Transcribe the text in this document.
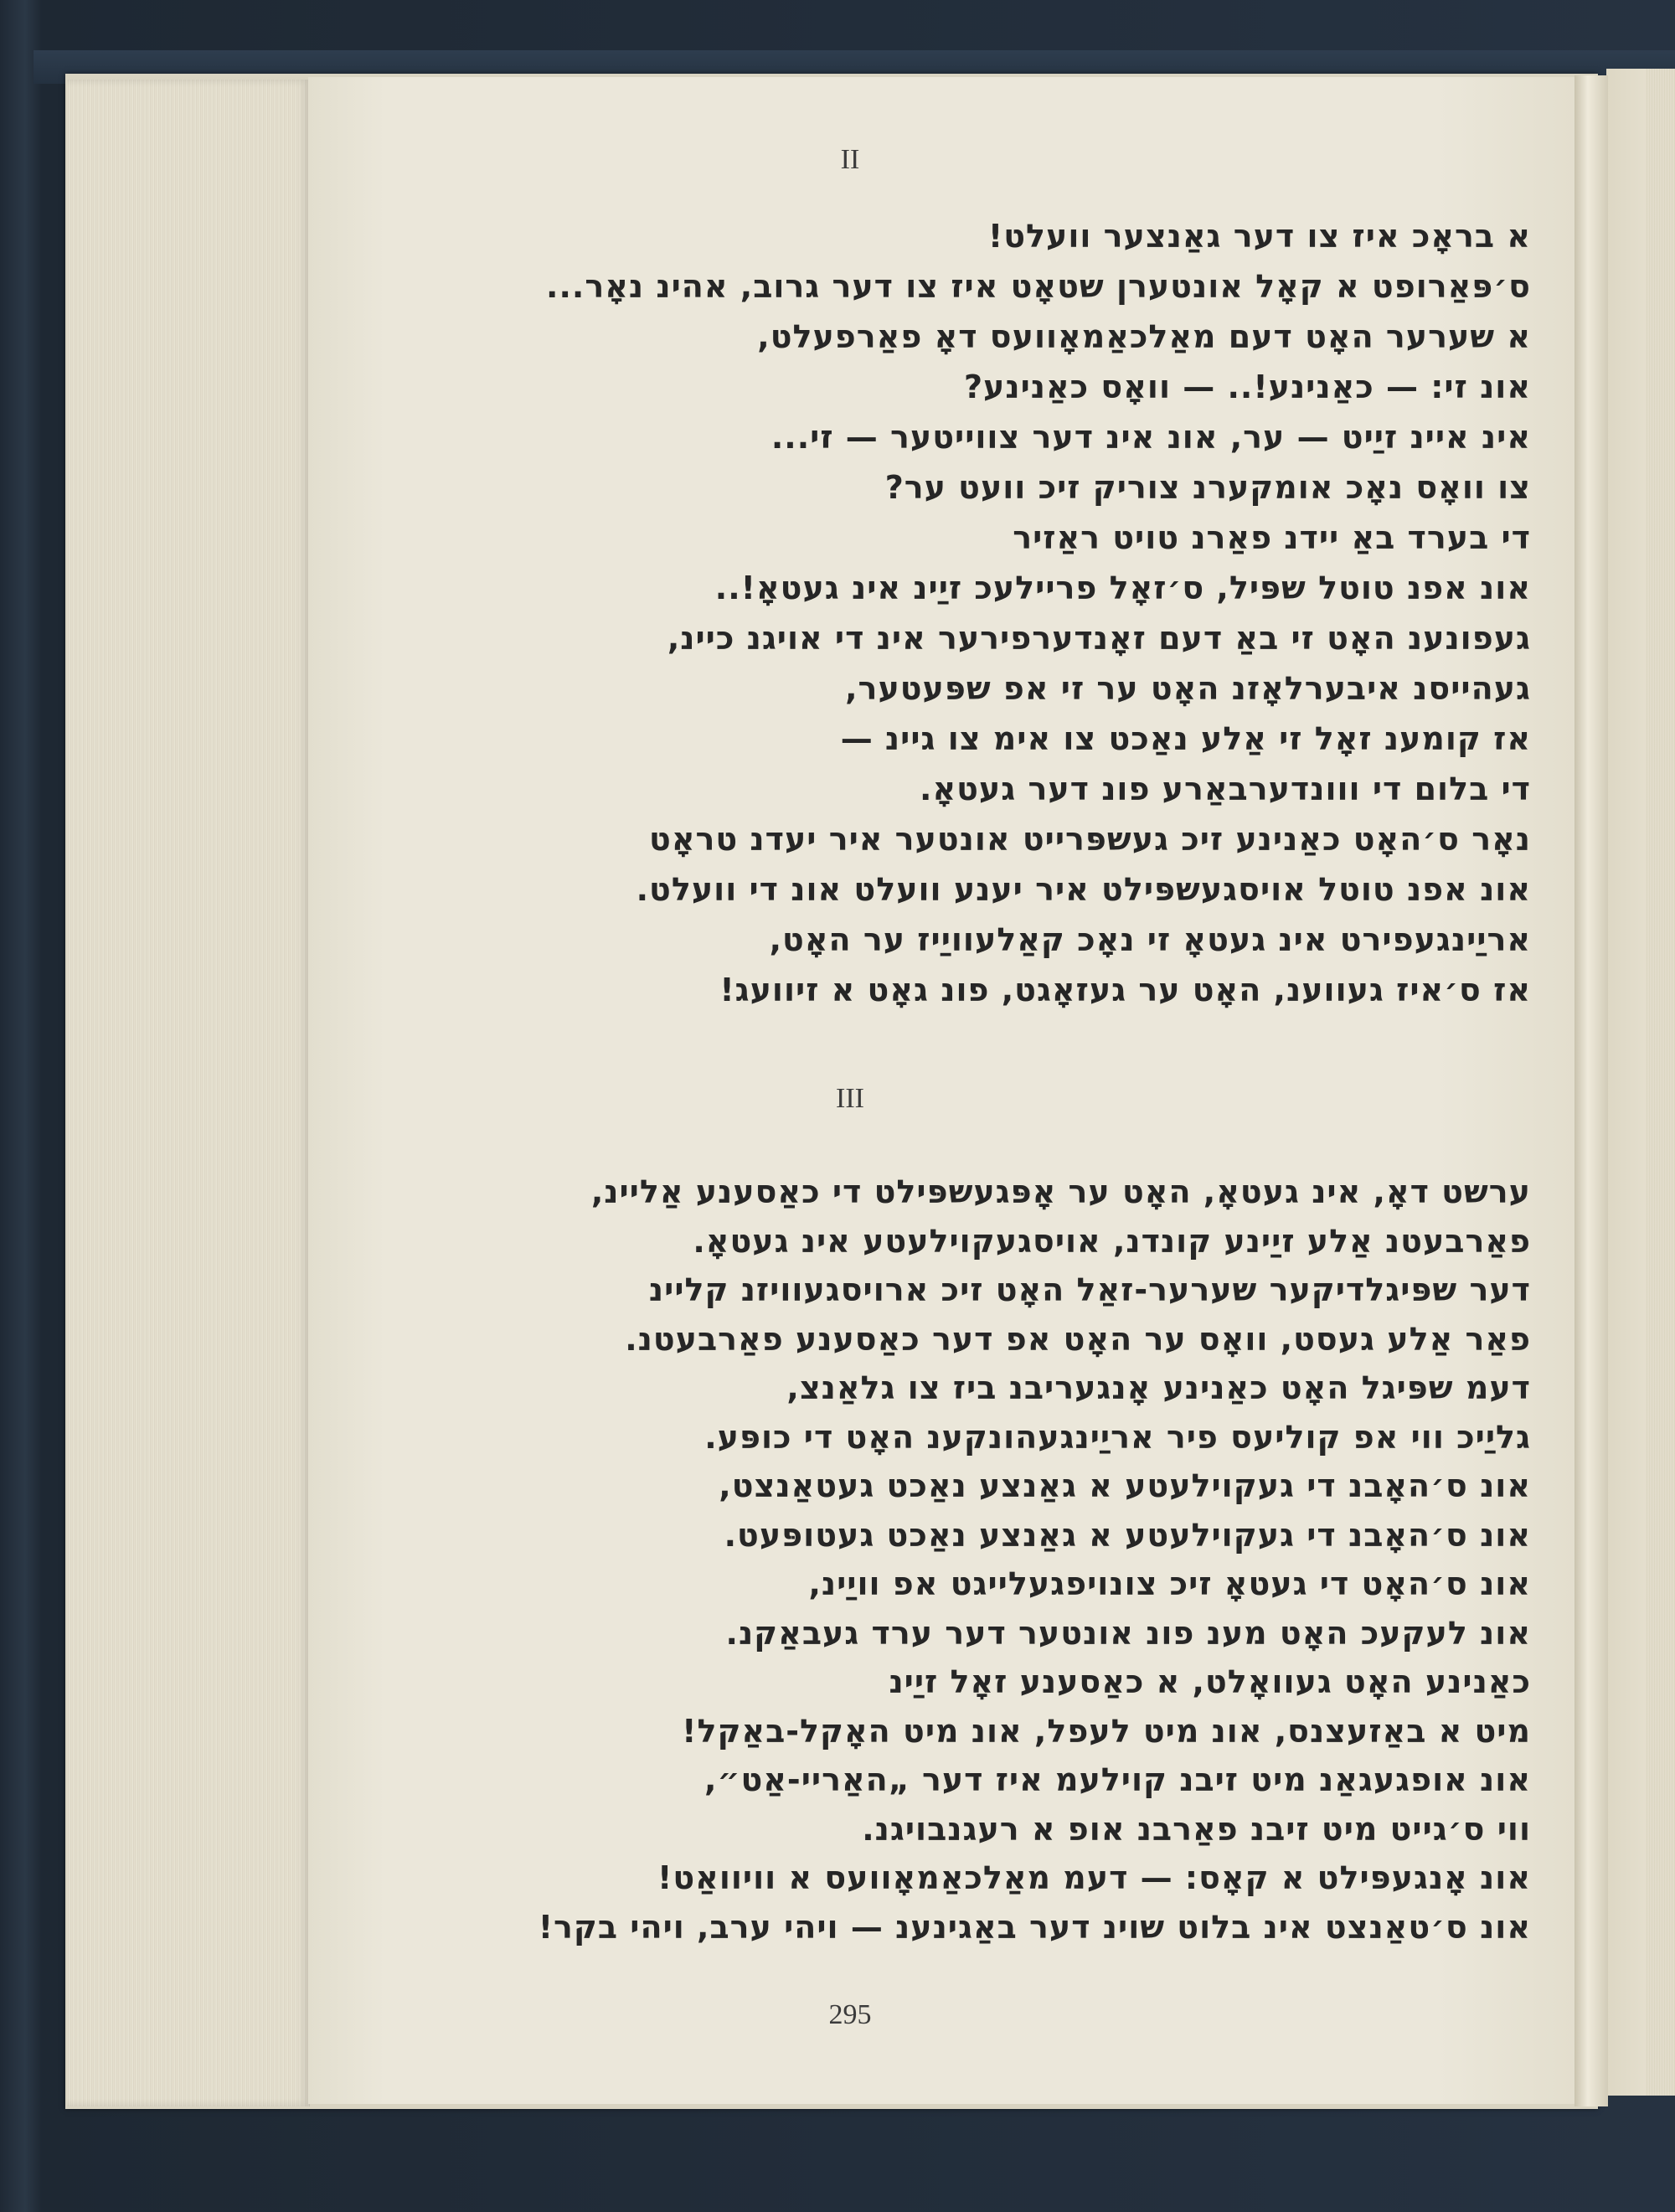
II
א בראָכ איז צו דער גאַנצער וועלט!
ס׳פּאַרופט א קאָל אונטערן שטאָט איז צו דער גרוב, אהינ נאָר...
א שערער האָט דעם מאַלכאַמאָוועס דאָ פאַרפעלט,
אונ זי: — כאַנינע!.. — וואָס כאַנינע?
אינ איינ זיַיט — ער, אונ אינ דער צווייטער — זי...
צו וואָס נאָכ אומקערנ צוריק זיכ וועט ער?
די בערד באַ יידנ פאַרנ טויט ראַזיר
אונ אפנ טוטל שפּיל, ס׳זאָל פריילעכ זיַינ אינ געטאָ!..
געפונענ האָט זי באַ דעם זאָנדערפירער אינ די אויגנ כיינ,
געהייסנ איבערלאָזנ האָט ער זי אפ שפּעטער,
אז קומענ זאָל זי אַלע נאַכט צו אימ צו גיינ —
די בלום די ווונדערבאַרע פונ דער געטאָ.
נאָר ס׳האָט כאַנינע זיכ געשפּרייט אונטער איר יעדנ טראָט
אונ אפנ טוטל אויסגעשפּילט איר יענע וועלט אונ די וועלט.
אריַינגעפירט אינ געטאָ זי נאָכ קאַלעוויַיז ער האָט,
אז ס׳איז געווענ, האָט ער געזאָגט, פונ גאָט א זיוועג!
III
ערשט דאָ, אינ געטאָ, האָט ער אָפּגעשפּילט די כאַסענע אַליינ,
פאַרבעטנ אַלע זיַינע קונדנ, אויסגעקוילעטע אינ געטאָ.
דער שפּיגלדיקער שערער-זאַל האָט זיכ ארויסגעוויזנ קליינ
פאַר אַלע געסט, וואָס ער האָט אפ דער כאַסענע פאַרבעטנ.
דעמ שפּיגל האָט כאַנינע אָנגעריבנ ביז צו גלאַנצ,
גליַיכ ווי אפ קוליעס פיר אריַינגעהונקענ האָט די כופּע.
אונ ס׳האָבנ די געקוילעטע א גאַנצע נאַכט געטאַנצט,
אונ ס׳האָבנ די געקוילעטע א גאַנצע נאַכט געטופּעט.
אונ ס׳האָט די געטאָ זיכ צונויפגעלייגט אפ וויַינ,
אונ לעקעכ האָט מענ פונ אונטער דער ערד געבאַקנ.
כאַנינע האָט געוואָלט, א כאַסענע זאָל זיַינ
מיט א באַזעצנס, אונ מיט לעפל, אונ מיט האָקל-באַקל!
אונ אופגעגאַנ מיט זיבנ קוילעמ איז דער „האַריי-אַט״,
ווי ס׳גייט מיט זיבנ פאַרבנ אופ א רעגנבויגנ.
אונ אָנגעפּילט א קאָס: — דעמ מאַלכאַמאָוועס א וויוואַט!
אונ ס׳טאַנצט אינ בלוט שוינ דער באַגינענ — ויהי ערב, ויהי בקר!
295
